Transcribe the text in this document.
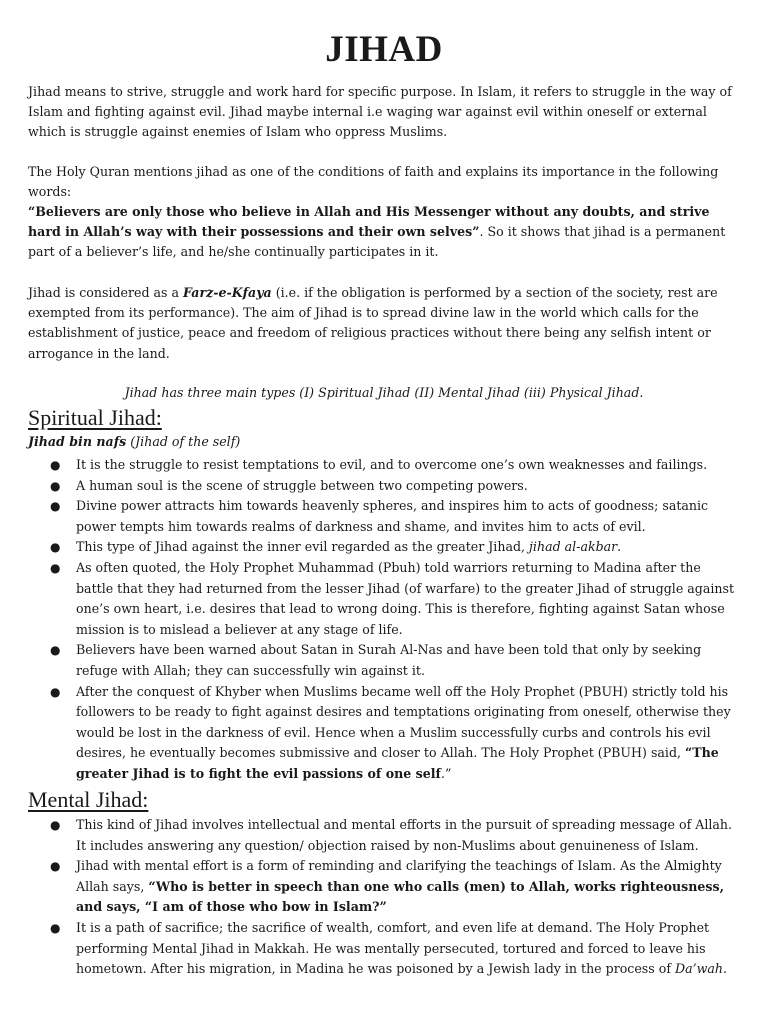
JIHAD

Jihad means to strive, struggle and work hard for specific purpose. In Islam, it refers to struggle in the way of Islam and fighting against evil. Jihad maybe internal i.e waging war against evil within oneself or external which is struggle against enemies of Islam who oppress Muslims.

The Holy Quran mentions jihad as one of the conditions of faith and explains its importance in the following words:

“Believers are only those who believe in Allah and His Messenger without any doubts, and strive hard in Allah’s way with their possessions and their own selves”. So it shows that jihad is a permanent part of a believer’s life, and he/she continually participates in it.

Jihad is considered as a Farz-e-Kfaya (i.e. if the obligation is performed by a section of the society, rest are exempted from its performance). The aim of Jihad is to spread divine law in the world which calls for the establishment of justice, peace and freedom of religious practices without there being any selfish intent or arrogance in the land.

Jihad has three main types (I) Spiritual Jihad (II) Mental Jihad (iii) Physical Jihad.

Spiritual Jihad:

Jihad bin nafs (Jihad of the self)

● It is the struggle to resist temptations to evil, and to overcome one’s own weaknesses and failings.
● A human soul is the scene of struggle between two competing powers.
● Divine power attracts him towards heavenly spheres, and inspires him to acts of goodness; satanic power tempts him towards realms of darkness and shame, and invites him to acts of evil.
● This type of Jihad against the inner evil regarded as the greater Jihad, jihad al-akbar.
● As often quoted, the Holy Prophet Muhammad (Pbuh) told warriors returning to Madina after the battle that they had returned from the lesser Jihad (of warfare) to the greater Jihad of struggle against one’s own heart, i.e. desires that lead to wrong doing. This is therefore, fighting against Satan whose mission is to mislead a believer at any stage of life.
● Believers have been warned about Satan in Surah Al-Nas and have been told that only by seeking refuge with Allah; they can successfully win against it.
● After the conquest of Khyber when Muslims became well off the Holy Prophet (PBUH) strictly told his followers to be ready to fight against desires and temptations originating from oneself, otherwise they would be lost in the darkness of evil. Hence when a Muslim successfully curbs and controls his evil desires, he eventually becomes submissive and closer to Allah. The Holy Prophet (PBUH) said, “The greater Jihad is to fight the evil passions of one self.”
Mental Jihad:
● This kind of Jihad involves intellectual and mental efforts in the pursuit of spreading message of Allah. It includes answering any question/ objection raised by non-Muslims about genuineness of Islam.
● Jihad with mental effort is a form of reminding and clarifying the teachings of Islam. As the Almighty Allah says, “Who is better in speech than one who calls (men) to Allah, works righteousness, and says, “I am of those who bow in Islam?”
● It is a path of sacrifice; the sacrifice of wealth, comfort, and even life at demand. The Holy Prophet performing Mental Jihad in Makkah. He was mentally persecuted, tortured and forced to leave his hometown. After his migration, in Madina he was poisoned by a Jewish lady in the process of Da’wah.
